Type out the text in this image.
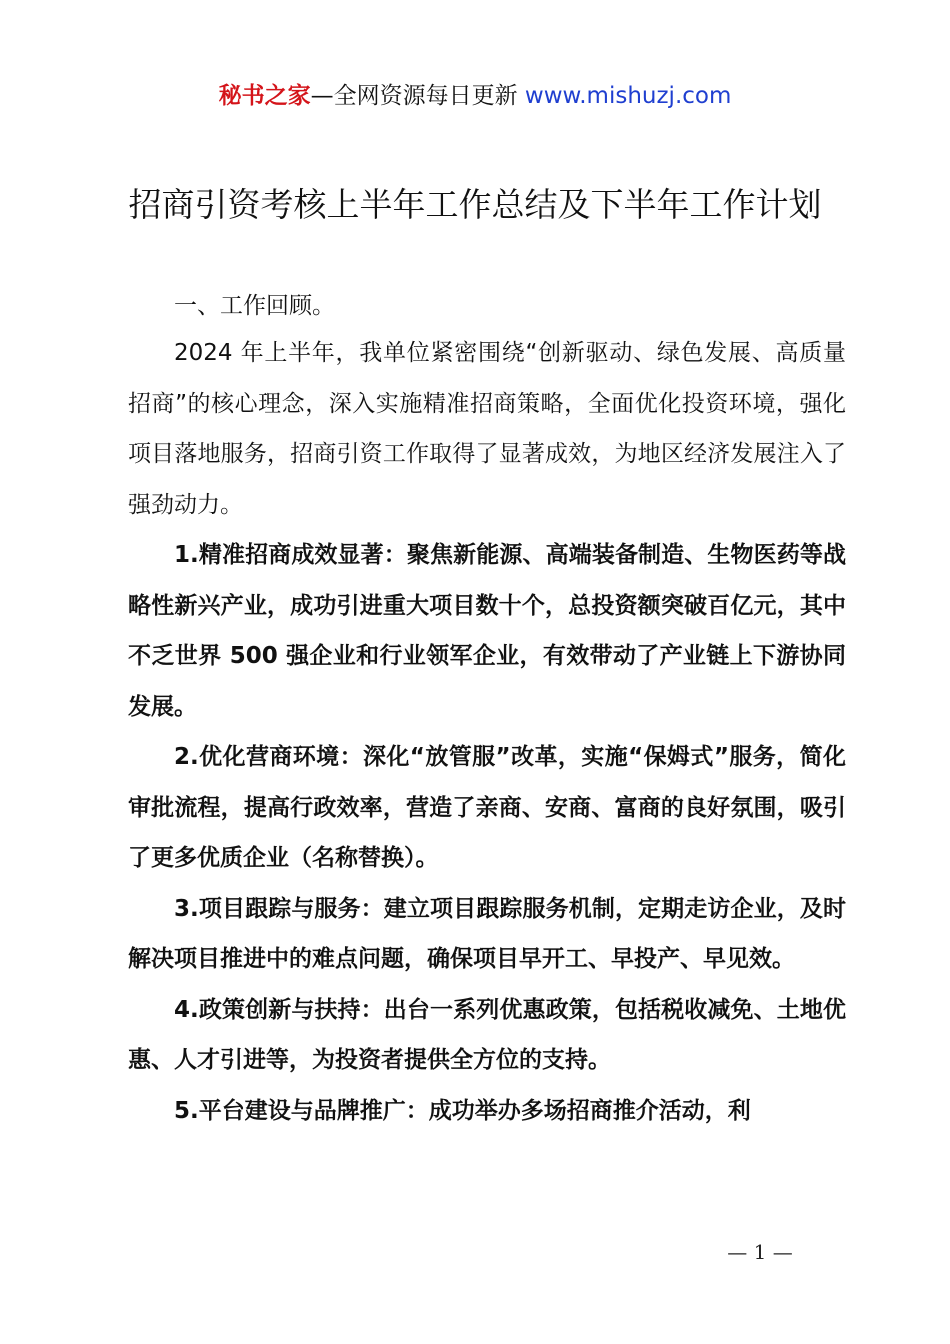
秘书之家—全网资源每日更新 www.mishuzj.com
招商引资考核上半年工作总结及下半年工作计划

一、工作回顾。

2024 年上半年，我单位紧密围绕“创新驱动、绿色发展、高质量招商”的核心理念，深入实施精准招商策略，全面优化投资环境，强化项目落地服务，招商引资工作取得了显著成效，为地区经济发展注入了强劲动力。

1.精准招商成效显著：聚焦新能源、高端装备制造、生物医药等战略性新兴产业，成功引进重大项目数十个，总投资额突破百亿元，其中不乏世界 500 强企业和行业领军企业，有效带动了产业链上下游协同发展。

2.优化营商环境：深化“放管服”改革，实施“保姆式”服务，简化审批流程，提高行政效率，营造了亲商、安商、富商的良好氛围，吸引了更多优质企业（名称替换）。

3.项目跟踪与服务：建立项目跟踪服务机制，定期走访企业，及时解决项目推进中的难点问题，确保项目早开工、早投产、早见效。

4.政策创新与扶持：出台一系列优惠政策，包括税收减免、土地优惠、人才引进等，为投资者提供全方位的支持。

5.平台建设与品牌推广：成功举办多场招商推介活动，利

— 1 —
